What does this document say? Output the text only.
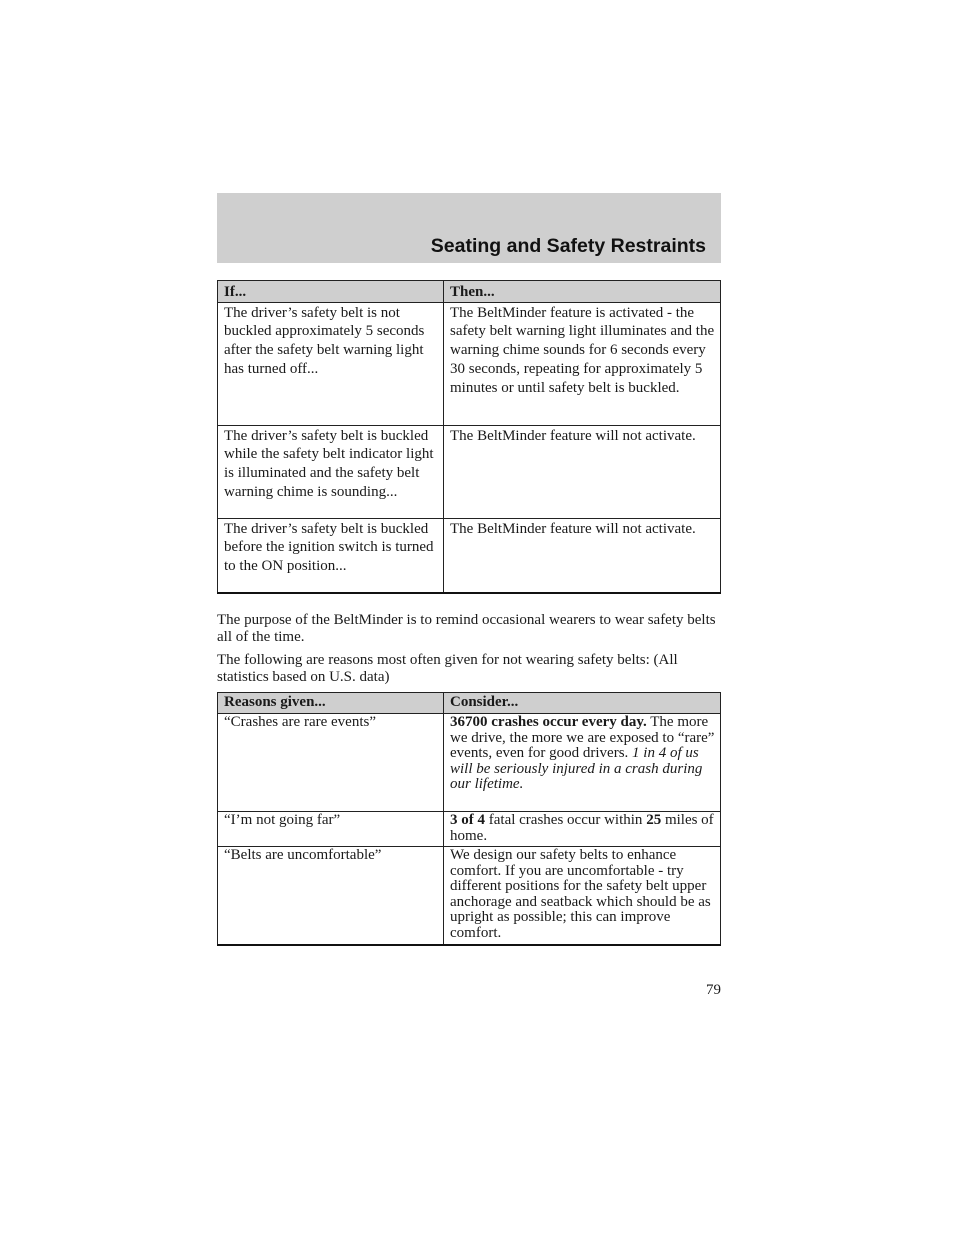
Seating and Safety Restraints
If...	Then...
The driver’s safety belt is not buckled approximately 5 seconds after the safety belt warning light has turned off...	The BeltMinder feature is activated - the safety belt warning light illuminates and the warning chime sounds for 6 seconds every 30 seconds, repeating for approximately 5 minutes or until safety belt is buckled.
The driver’s safety belt is buckled while the safety belt indicator light is illuminated and the safety belt warning chime is sounding...	The BeltMinder feature will not activate.
The driver’s safety belt is buckled before the ignition switch is turned to the ON position...	The BeltMinder feature will not activate.

The purpose of the BeltMinder is to remind occasional wearers to wear safety belts all of the time.

The following are reasons most often given for not wearing safety belts: (All statistics based on U.S. data)

Reasons given...	Consider...
“Crashes are rare events”	36700 crashes occur every day. The more we drive, the more we are exposed to “rare” events, even for good drivers. 1 in 4 of us will be seriously injured in a crash during our lifetime.
“I’m not going far”	3 of 4 fatal crashes occur within 25 miles of home.
“Belts are uncomfortable”	We design our safety belts to enhance comfort. If you are uncomfortable - try different positions for the safety belt upper anchorage and seatback which should be as upright as possible; this can improve comfort.
79
